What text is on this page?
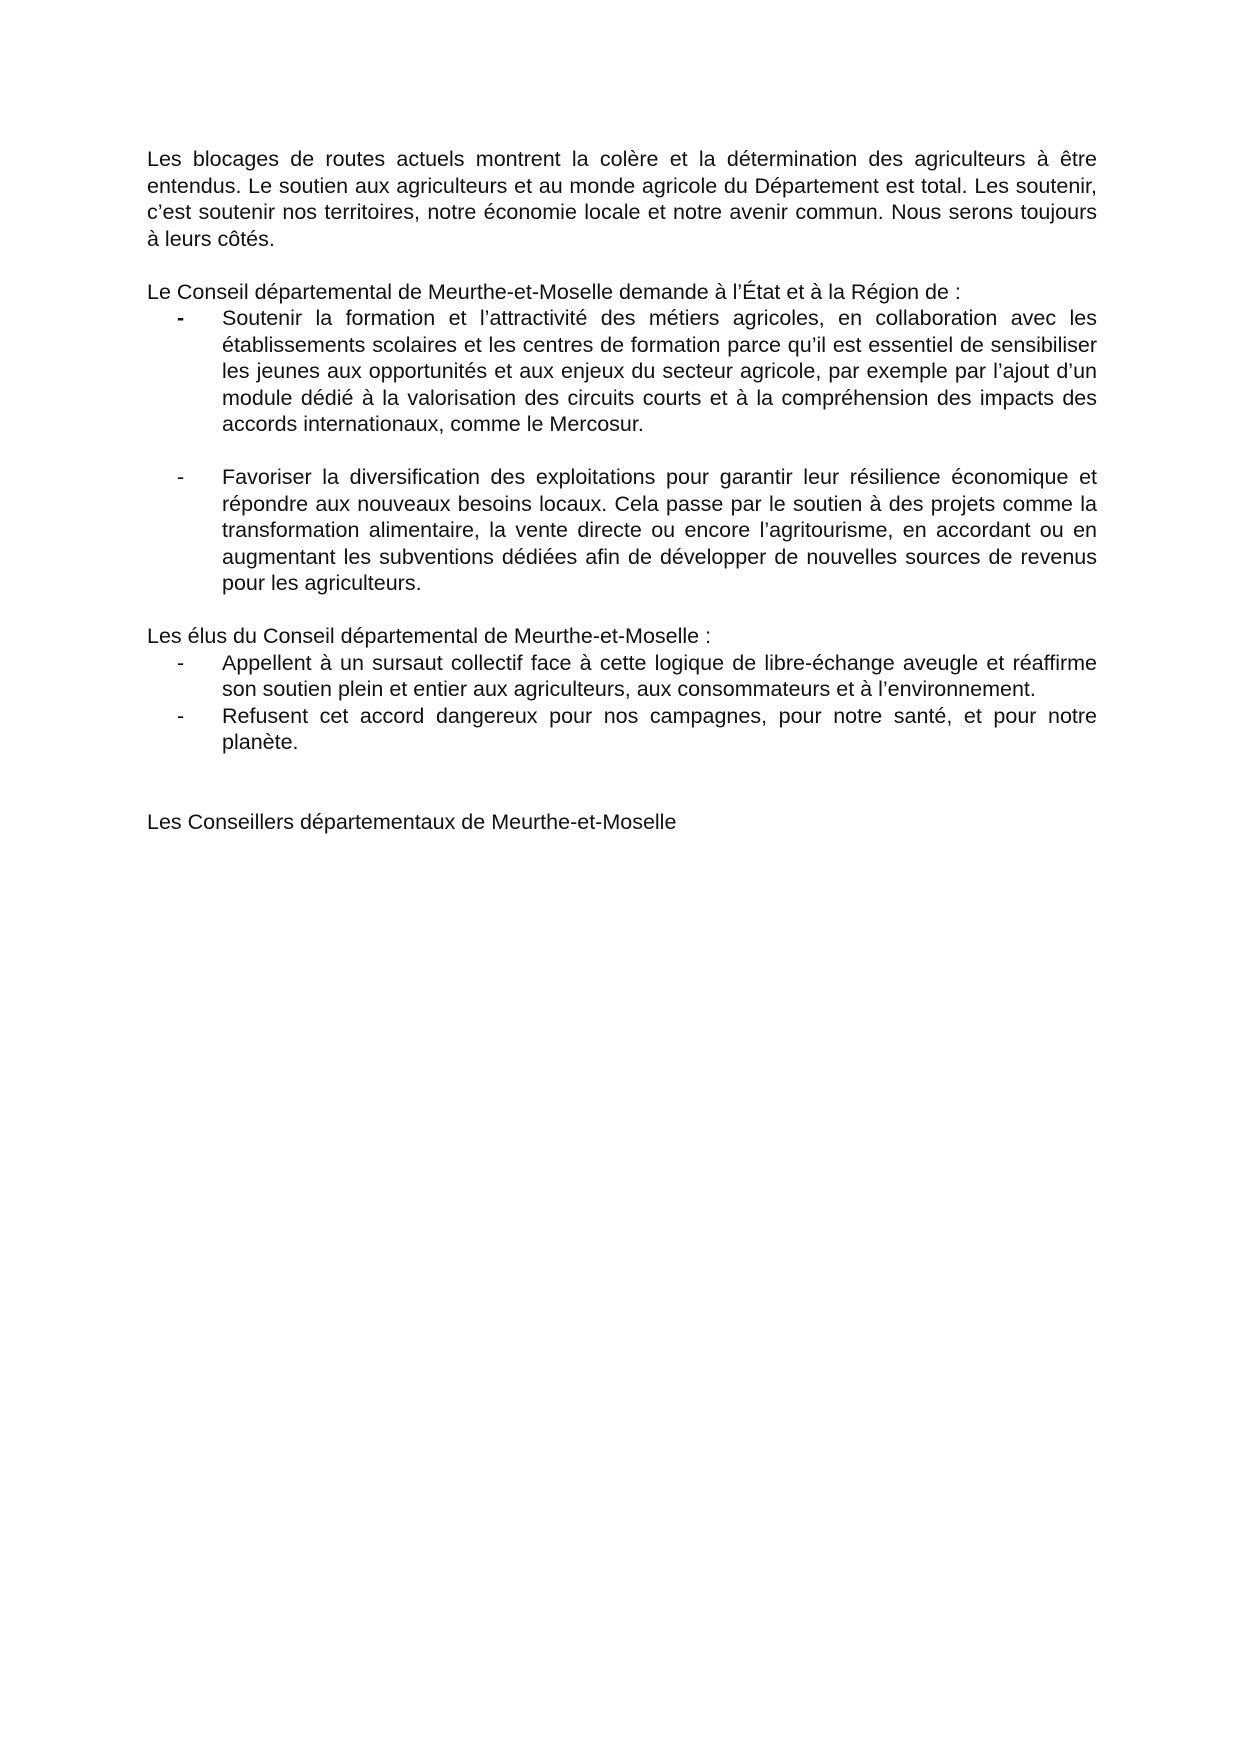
Les blocages de routes actuels montrent la colère et la détermination des agriculteurs à être entendus. Le soutien aux agriculteurs et au monde agricole du Département est total. Les soutenir, c’est soutenir nos territoires, notre économie locale et notre avenir commun. Nous serons toujours à leurs côtés.

Le Conseil départemental de Meurthe-et-Moselle demande à l’État et à la Région de :

- Soutenir la formation et l’attractivité des métiers agricoles, en collaboration avec les établissements scolaires et les centres de formation parce qu’il est essentiel de sensibiliser les jeunes aux opportunités et aux enjeux du secteur agricole, par exemple par l’ajout d’un module dédié à la valorisation des circuits courts et à la compréhension des impacts des accords internationaux, comme le Mercosur.
- Favoriser la diversification des exploitations pour garantir leur résilience économique et répondre aux nouveaux besoins locaux. Cela passe par le soutien à des projets comme la transformation alimentaire, la vente directe ou encore l’agritourisme, en accordant ou en augmentant les subventions dédiées afin de développer de nouvelles sources de revenus pour les agriculteurs.

Les élus du Conseil départemental de Meurthe-et-Moselle :

- Appellent à un sursaut collectif face à cette logique de libre-échange aveugle et réaffirme son soutien plein et entier aux agriculteurs, aux consommateurs et à l’environnement.
- Refusent cet accord dangereux pour nos campagnes, pour notre santé, et pour notre planète.

Les Conseillers départementaux de Meurthe-et-Moselle
